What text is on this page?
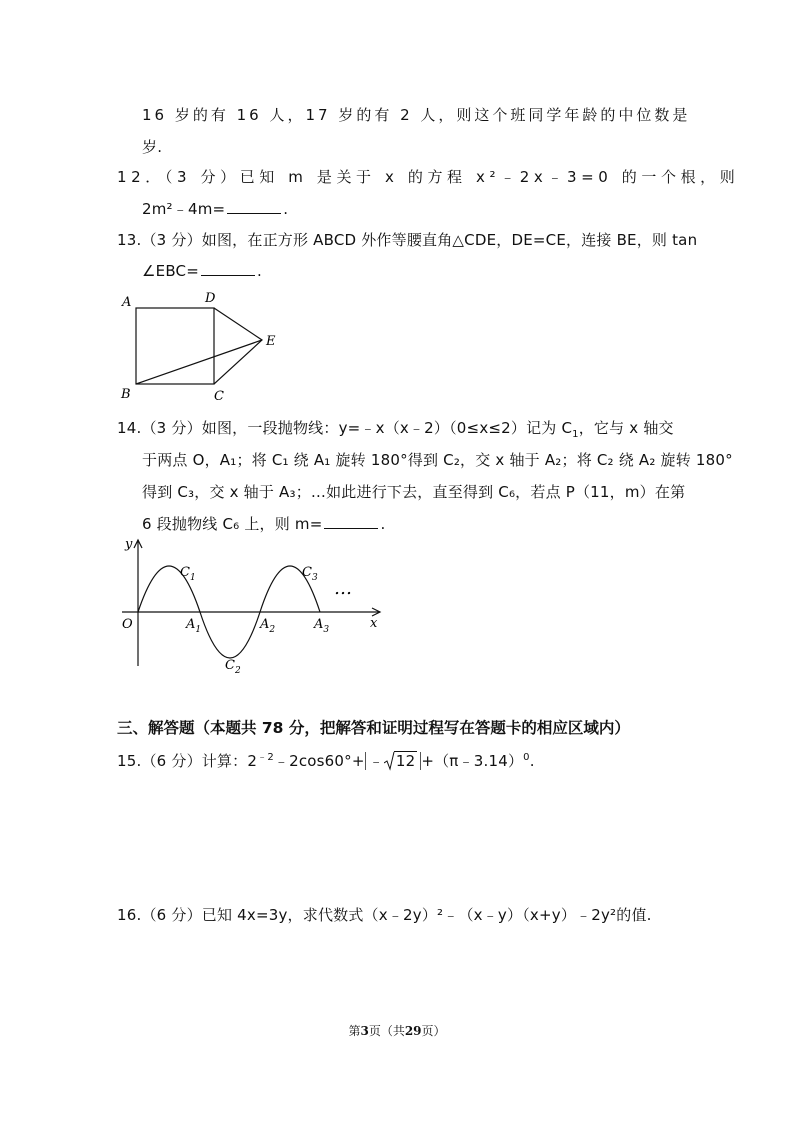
16 岁的有 16 人，17 岁的有 2 人，则这个班同学年龄的中位数是
岁.
12．（3 分）已知 m 是关于 x 的方程 x²﹣2x﹣3=0 的一个根，则
2m²﹣4m=	.
13.（3 分）如图，在正方形 ABCD 外作等腰直角△CDE，DE=CE，连接 BE，则 tan
∠EBC=	.
A	D
E
B	C
14.（3 分）如图，一段抛物线：y=﹣x（x﹣2）（0≤x≤2）记为 $C_1$，它与 x 轴交
于两点 O，A₁；将 C₁ 绕 A₁ 旋转 180°得到 C₂，交 x 轴于 A₂；将 C₂ 绕 A₂ 旋转 180°
得到 C₃，交 x 轴于 A₃；…如此进行下去，直至得到 C₆，若点 P（11，m）在第
6 段抛物线 C₆ 上，则 m=	.
y
x
O	$A_1$	$A_2$	$A_3$
$C_1$
$C_2$
$C_3$ …
三、解答题（本题共 78 分，把解答和证明过程写在答题卡的相应区域内）
15.（6 分）计算：$2^{﹣2}﹣2\cos 60^\circ+$ ﹣ 12 +（π﹣3.14）$^0$.
16.（6 分）已知 4x=3y，求代数式（x﹣2y）²﹣（x﹣y）（x+y）﹣2y²的值.
第3页（共29页）
